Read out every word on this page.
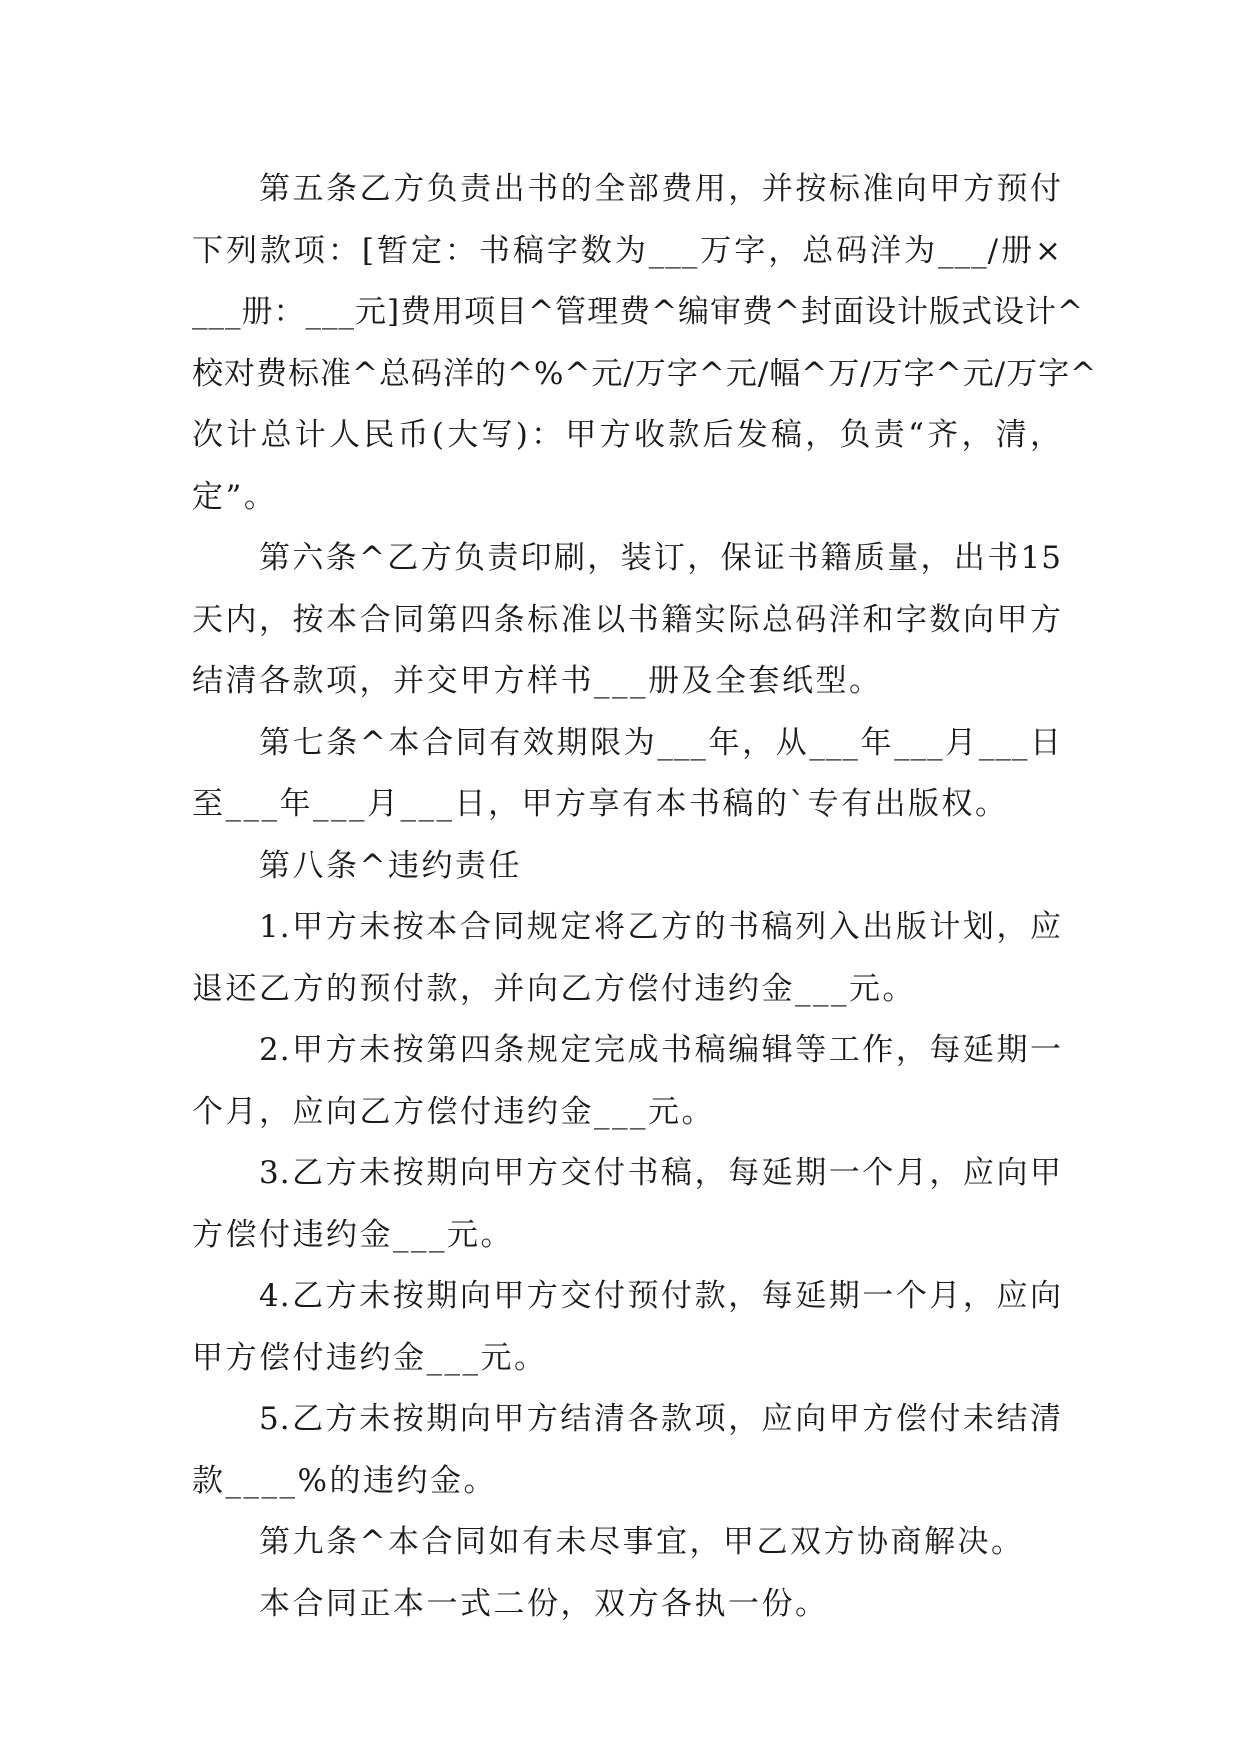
第五条乙方负责出书的全部费用，并按标准向甲方预付
下列款项：[暂定：书稿字数为___万字，总码洋为___/册×
___册：___元]费用项目^管理费^编审费^封面设计版式设计^
校对费标准^总码洋的^%^元/万字^元/幅^万/万字^元/万字^
次计总计人民币(大写)：甲方收款后发稿，负责“齐，清，
定”。
第六条^乙方负责印刷，装订，保证书籍质量，出书15
天内，按本合同第四条标准以书籍实际总码洋和字数向甲方
结清各款项，并交甲方样书___册及全套纸型。
第七条^本合同有效期限为___年，从___年___月___日
至___年___月___日，甲方享有本书稿的`专有出版权。
第八条^违约责任
1.甲方未按本合同规定将乙方的书稿列入出版计划，应
退还乙方的预付款，并向乙方偿付违约金___元。
2.甲方未按第四条规定完成书稿编辑等工作，每延期一
个月，应向乙方偿付违约金___元。
3.乙方未按期向甲方交付书稿，每延期一个月，应向甲
方偿付违约金___元。
4.乙方未按期向甲方交付预付款，每延期一个月，应向
甲方偿付违约金___元。
5.乙方未按期向甲方结清各款项，应向甲方偿付未结清
款____%的违约金。
第九条^本合同如有未尽事宜，甲乙双方协商解决。
本合同正本一式二份，双方各执一份。
